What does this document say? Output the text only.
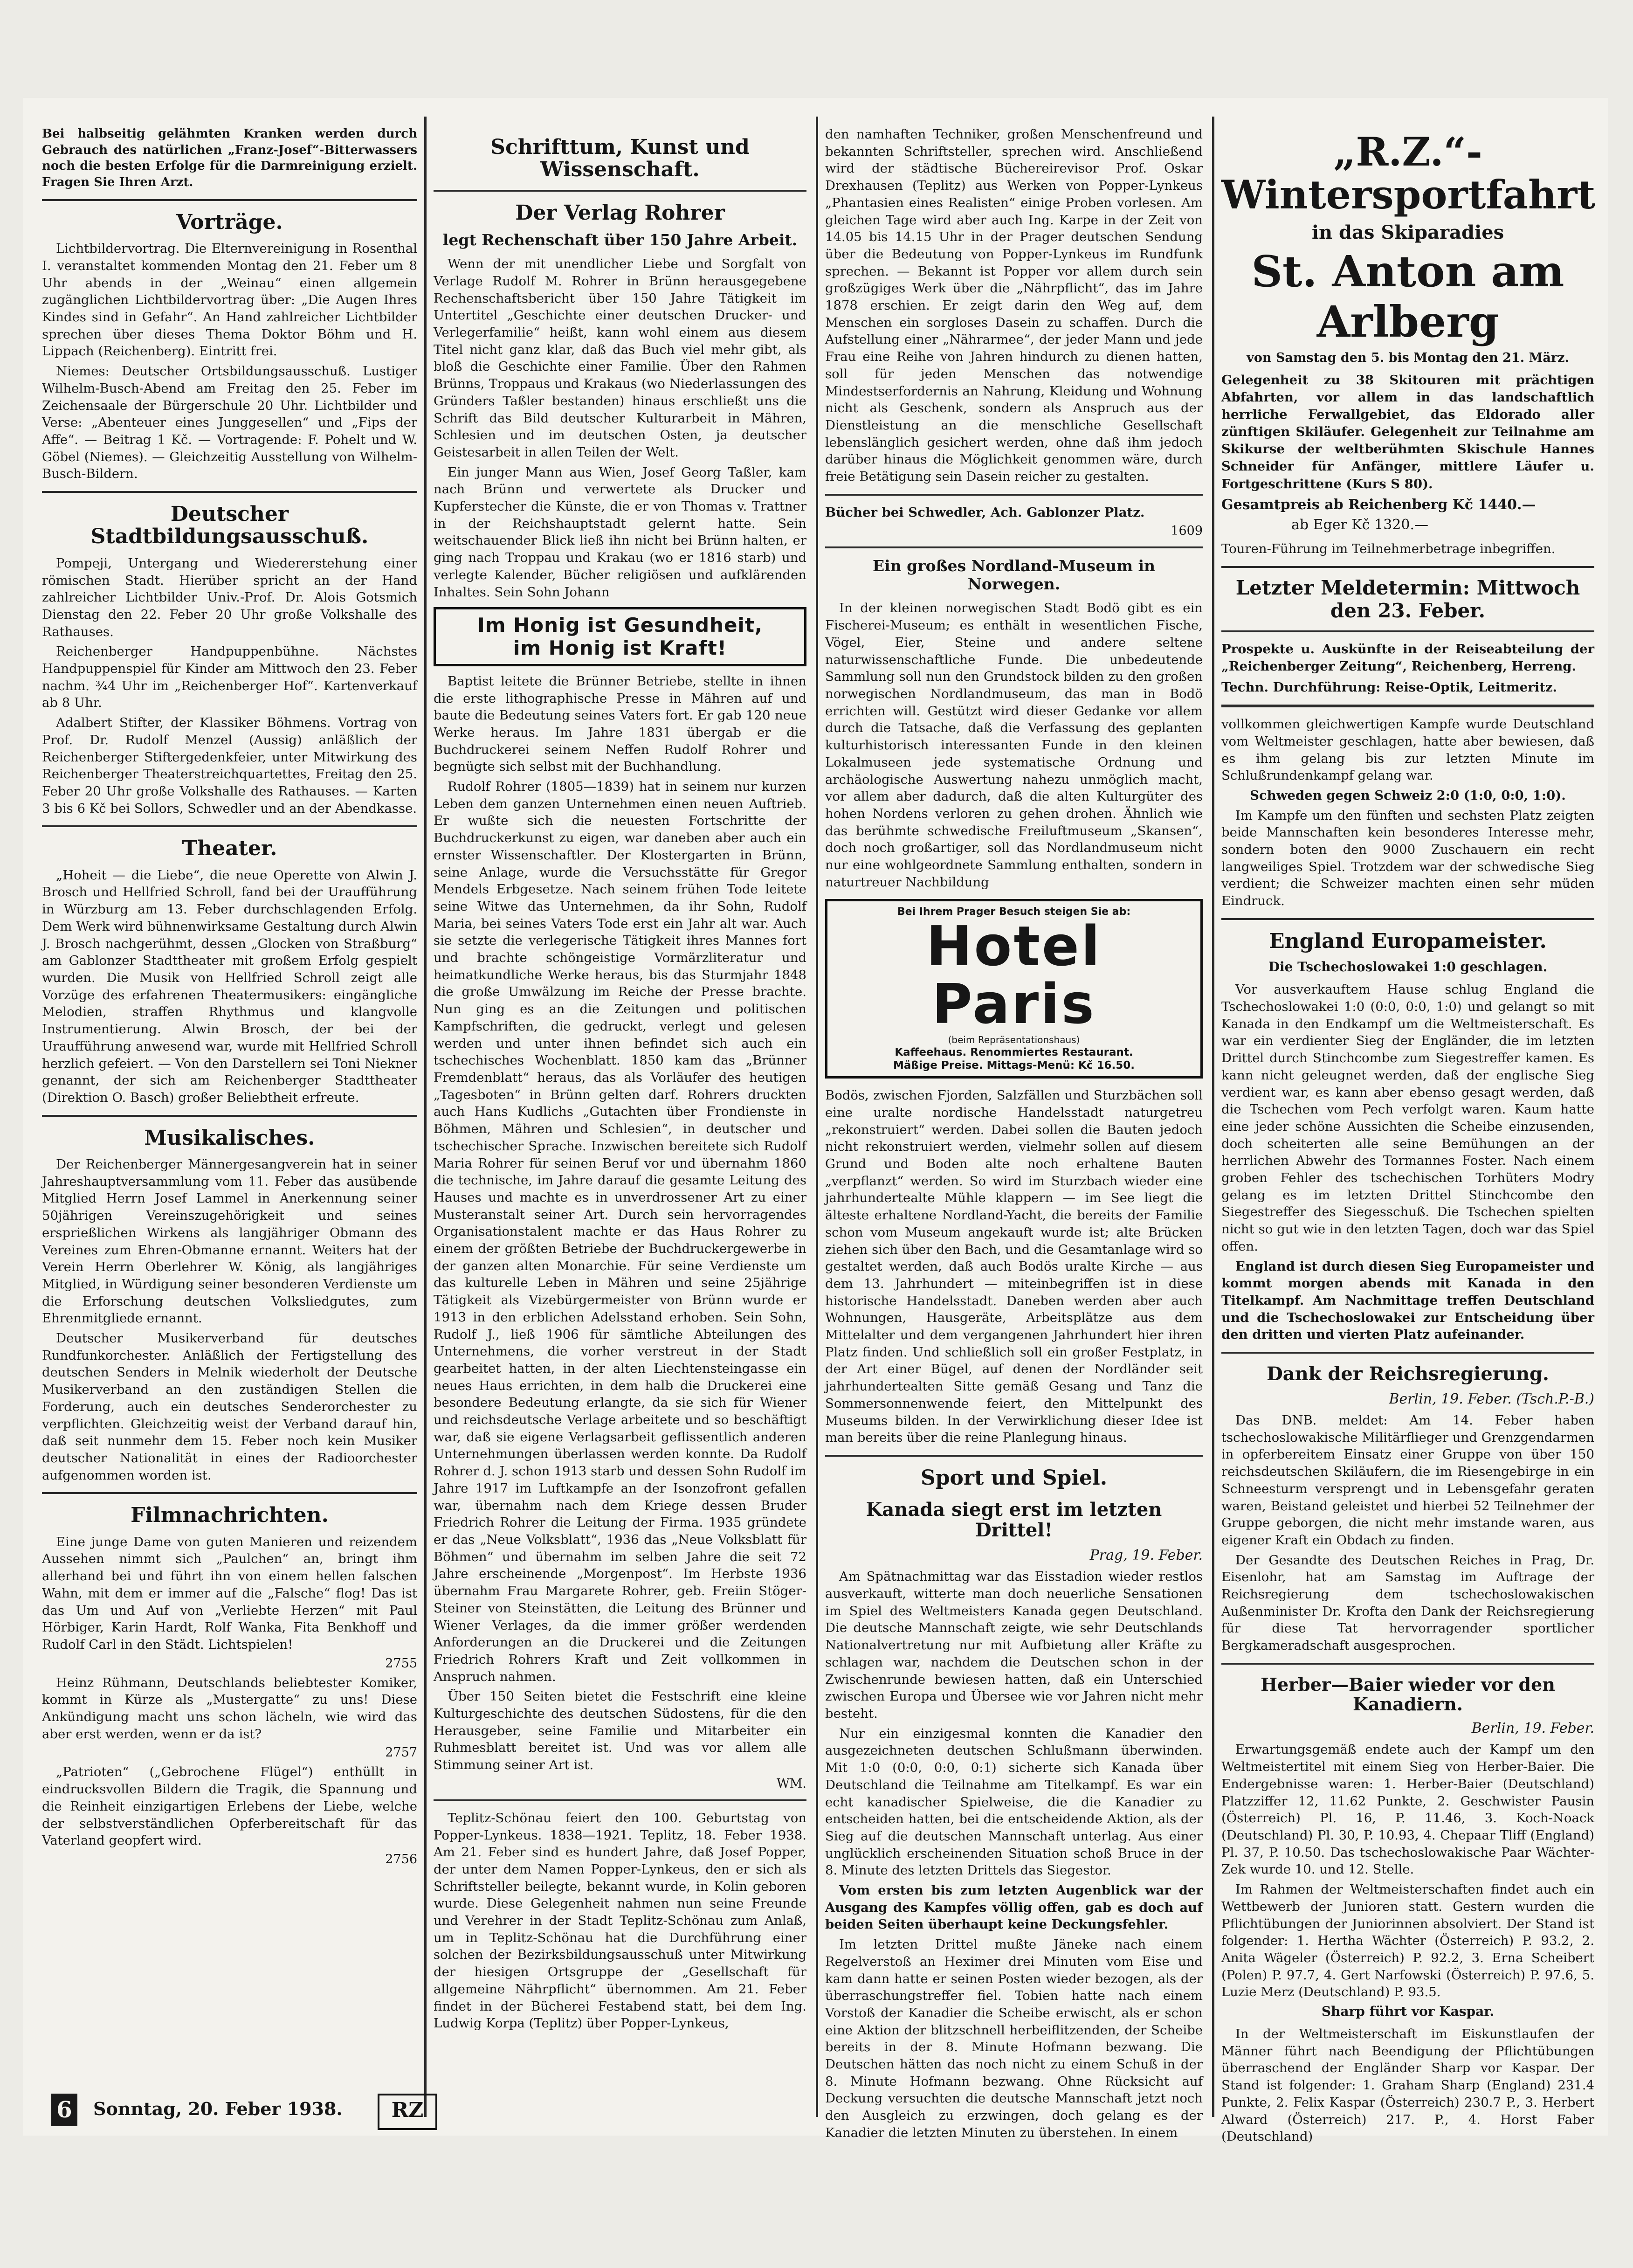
Bei halbseitig gelähmten Kranken werden durch Gebrauch des natürlichen „Franz-Josef“-Bitterwassers noch die besten Erfolge für die Darmreinigung erzielt. Fragen Sie Ihren Arzt.
Vorträge.
Lichtbildervortrag. Die Elternvereinigung in Rosenthal I. veranstaltet kommenden Montag den 21. Feber um 8 Uhr abends in der „Weinau“ einen allgemein zugänglichen Lichtbildervortrag über: „Die Augen Ihres Kindes sind in Gefahr“. An Hand zahlreicher Lichtbilder sprechen über dieses Thema Doktor Böhm und H. Lippach (Reichenberg). Eintritt frei.
Niemes: Deutscher Ortsbildungsausschuß. Lustiger Wilhelm-Busch-Abend am Freitag den 25. Feber im Zeichensaale der Bürgerschule 20 Uhr. Lichtbilder und Verse: „Abenteuer eines Junggesellen“ und „Fips der Affe“. — Beitrag 1 Kč. — Vortragende: F. Pohelt und W. Göbel (Niemes). — Gleichzeitig Ausstellung von Wilhelm-Busch-Bildern.
Deutscher Stadtbildungsausschuß.
Pompeji, Untergang und Wiedererstehung einer römischen Stadt. Hierüber spricht an der Hand zahlreicher Lichtbilder Univ.-Prof. Dr. Alois Gotsmich Dienstag den 22. Feber 20 Uhr große Volkshalle des Rathauses.
Reichenberger Handpuppenbühne. Nächstes Handpuppenspiel für Kinder am Mittwoch den 23. Feber nachm. ¾4 Uhr im „Reichenberger Hof“. Kartenverkauf ab 8 Uhr.
Adalbert Stifter, der Klassiker Böhmens. Vortrag von Prof. Dr. Rudolf Menzel (Aussig) anläßlich der Reichenberger Stiftergedenkfeier, unter Mitwirkung des Reichenberger Theaterstreichquartettes, Freitag den 25. Feber 20 Uhr große Volkshalle des Rathauses. — Karten 3 bis 6 Kč bei Sollors, Schwedler und an der Abendkasse.
Theater.
„Hoheit — die Liebe“, die neue Operette von Alwin J. Brosch und Hellfried Schroll, fand bei der Uraufführung in Würzburg am 13. Feber durchschlagenden Erfolg. Dem Werk wird bühnenwirksame Gestaltung durch Alwin J. Brosch nachgerühmt, dessen „Glocken von Straßburg“ am Gablonzer Stadttheater mit großem Erfolg gespielt wurden. Die Musik von Hellfried Schroll zeigt alle Vorzüge des erfahrenen Theatermusikers: eingängliche Melodien, straffen Rhythmus und klangvolle Instrumentierung. Alwin Brosch, der bei der Uraufführung anwesend war, wurde mit Hellfried Schroll herzlich gefeiert. — Von den Darstellern sei Toni Niekner genannt, der sich am Reichenberger Stadttheater (Direktion O. Basch) großer Beliebtheit erfreute.
Musikalisches.
Der Reichenberger Männergesangverein hat in seiner Jahreshauptversammlung vom 11. Feber das ausübende Mitglied Herrn Josef Lammel in Anerkennung seiner 50jährigen Vereinszugehörigkeit und seines ersprießlichen Wirkens als langjähriger Obmann des Vereines zum Ehren-Obmanne ernannt. Weiters hat der Verein Herrn Oberlehrer W. König, als langjähriges Mitglied, in Würdigung seiner besonderen Verdienste um die Erforschung deutschen Volksliedgutes, zum Ehrenmitgliede ernannt.
Deutscher Musikerverband für deutsches Rundfunkorchester. Anläßlich der Fertigstellung des deutschen Senders in Melnik wiederholt der Deutsche Musikerverband an den zuständigen Stellen die Forderung, auch ein deutsches Senderorchester zu verpflichten. Gleichzeitig weist der Verband darauf hin, daß seit nunmehr dem 15. Feber noch kein Musiker deutscher Nationalität in eines der Radioorchester aufgenommen worden ist.
Filmnachrichten.
Eine junge Dame von guten Manieren und reizendem Aussehen nimmt sich „Paulchen“ an, bringt ihm allerhand bei und führt ihn von einem hellen falschen Wahn, mit dem er immer auf die „Falsche“ flog! Das ist das Um und Auf von „Verliebte Herzen“ mit Paul Hörbiger, Karin Hardt, Rolf Wanka, Fita Benkhoff und Rudolf Carl in den Städt. Lichtspielen!
2755
Heinz Rühmann, Deutschlands beliebtester Komiker, kommt in Kürze als „Mustergatte“ zu uns! Diese Ankündigung macht uns schon lächeln, wie wird das aber erst werden, wenn er da ist?
2757
„Patrioten“ („Gebrochene Flügel“) enthüllt in eindrucksvollen Bildern die Tragik, die Spannung und die Reinheit einzigartigen Erlebens der Liebe, welche der selbstverständlichen Opferbereitschaft für das Vaterland geopfert wird.
2756
Schrifttum, Kunst und Wissenschaft.
Der Verlag Rohrer
legt Rechenschaft über 150 Jahre Arbeit.
Wenn der mit unendlicher Liebe und Sorgfalt von Verlage Rudolf M. Rohrer in Brünn herausgegebene Rechenschaftsbericht über 150 Jahre Tätigkeit im Untertitel „Geschichte einer deutschen Drucker- und Verlegerfamilie“ heißt, kann wohl einem aus diesem Titel nicht ganz klar, daß das Buch viel mehr gibt, als bloß die Geschichte einer Familie. Über den Rahmen Brünns, Troppaus und Krakaus (wo Niederlassungen des Gründers Taßler bestanden) hinaus erschließt uns die Schrift das Bild deutscher Kulturarbeit in Mähren, Schlesien und im deutschen Osten, ja deutscher Geistesarbeit in allen Teilen der Welt.
Ein junger Mann aus Wien, Josef Georg Taßler, kam nach Brünn und verwertete als Drucker und Kupferstecher die Künste, die er von Thomas v. Trattner in der Reichshauptstadt gelernt hatte. Sein weitschauender Blick ließ ihn nicht bei Brünn halten, er ging nach Troppau und Krakau (wo er 1816 starb) und verlegte Kalender, Bücher religiösen und aufklärenden Inhaltes. Sein Sohn Johann
Im Honig ist Gesundheit,
im Honig ist Kraft!
Baptist leitete die Brünner Betriebe, stellte in ihnen die erste lithographische Presse in Mähren auf und baute die Bedeutung seines Vaters fort. Er gab 120 neue Werke heraus. Im Jahre 1831 übergab er die Buchdruckerei seinem Neffen Rudolf Rohrer und begnügte sich selbst mit der Buchhandlung.
Rudolf Rohrer (1805—1839) hat in seinem nur kurzen Leben dem ganzen Unternehmen einen neuen Auftrieb. Er wußte sich die neuesten Fortschritte der Buchdruckerkunst zu eigen, war daneben aber auch ein ernster Wissenschaftler. Der Klostergarten in Brünn, seine Anlage, wurde die Versuchsstätte für Gregor Mendels Erbgesetze. Nach seinem frühen Tode leitete seine Witwe das Unternehmen, da ihr Sohn, Rudolf Maria, bei seines Vaters Tode erst ein Jahr alt war. Auch sie setzte die verlegerische Tätigkeit ihres Mannes fort und brachte schöngeistige Vormärzliteratur und heimatkundliche Werke heraus, bis das Sturmjahr 1848 die große Umwälzung im Reiche der Presse brachte. Nun ging es an die Zeitungen und politischen Kampfschriften, die gedruckt, verlegt und gelesen werden und unter ihnen befindet sich auch ein tschechisches Wochenblatt. 1850 kam das „Brünner Fremdenblatt“ heraus, das als Vorläufer des heutigen „Tagesboten“ in Brünn gelten darf. Rohrers druckten auch Hans Kudlichs „Gutachten über Frondienste in Böhmen, Mähren und Schlesien“, in deutscher und tschechischer Sprache. Inzwischen bereitete sich Rudolf Maria Rohrer für seinen Beruf vor und übernahm 1860 die technische, im Jahre darauf die gesamte Leitung des Hauses und machte es in unverdrossener Art zu einer Musteranstalt seiner Art. Durch sein hervorragendes Organisationstalent machte er das Haus Rohrer zu einem der größten Betriebe der Buchdruckergewerbe in der ganzen alten Monarchie. Für seine Verdienste um das kulturelle Leben in Mähren und seine 25jährige Tätigkeit als Vizebürgermeister von Brünn wurde er 1913 in den erblichen Adelsstand erhoben. Sein Sohn, Rudolf J., ließ 1906 für sämtliche Abteilungen des Unternehmens, die vorher verstreut in der Stadt gearbeitet hatten, in der alten Liechtensteingasse ein neues Haus errichten, in dem halb die Druckerei eine besondere Bedeutung erlangte, da sie sich für Wiener und reichsdeutsche Verlage arbeitete und so beschäftigt war, daß sie eigene Verlagsarbeit geflissentlich anderen Unternehmungen überlassen werden konnte. Da Rudolf Rohrer d. J. schon 1913 starb und dessen Sohn Rudolf im Jahre 1917 im Luftkampfe an der Isonzofront gefallen war, übernahm nach dem Kriege dessen Bruder Friedrich Rohrer die Leitung der Firma. 1935 gründete er das „Neue Volksblatt“, 1936 das „Neue Volksblatt für Böhmen“ und übernahm im selben Jahre die seit 72 Jahre erscheinende „Morgenpost“. Im Herbste 1936 übernahm Frau Margarete Rohrer, geb. Freiin Stöger-Steiner von Steinstätten, die Leitung des Brünner und Wiener Verlages, da die immer größer werdenden Anforderungen an die Druckerei und die Zeitungen Friedrich Rohrers Kraft und Zeit vollkommen in Anspruch nahmen.
Über 150 Seiten bietet die Festschrift eine kleine Kulturgeschichte des deutschen Südostens, für die den Herausgeber, seine Familie und Mitarbeiter ein Ruhmesblatt bereitet ist. Und was vor allem alle Stimmung seiner Art ist.
WM.
Teplitz-Schönau feiert den 100. Geburtstag von Popper-Lynkeus. 1838—1921. Teplitz, 18. Feber 1938. Am 21. Feber sind es hundert Jahre, daß Josef Popper, der unter dem Namen Popper-Lynkeus, den er sich als Schriftsteller beilegte, bekannt wurde, in Kolin geboren wurde. Diese Gelegenheit nahmen nun seine Freunde und Verehrer in der Stadt Teplitz-Schönau zum Anlaß, um in Teplitz-Schönau hat die Durchführung einer solchen der Bezirksbildungsausschuß unter Mitwirkung der hiesigen Ortsgruppe der „Gesellschaft für allgemeine Nährpflicht“ übernommen. Am 21. Feber findet in der Bücherei Festabend statt, bei dem Ing. Ludwig Korpa (Teplitz) über Popper-Lynkeus,
den namhaften Techniker, großen Menschenfreund und bekannten Schriftsteller, sprechen wird. Anschließend wird der städtische Büchereirevisor Prof. Oskar Drexhausen (Teplitz) aus Werken von Popper-Lynkeus „Phantasien eines Realisten“ einige Proben vorlesen. Am gleichen Tage wird aber auch Ing. Karpe in der Zeit von 14.05 bis 14.15 Uhr in der Prager deutschen Sendung über die Bedeutung von Popper-Lynkeus im Rundfunk sprechen. — Bekannt ist Popper vor allem durch sein großzügiges Werk über die „Nährpflicht“, das im Jahre 1878 erschien. Er zeigt darin den Weg auf, dem Menschen ein sorgloses Dasein zu schaffen. Durch die Aufstellung einer „Nährarmee“, der jeder Mann und jede Frau eine Reihe von Jahren hindurch zu dienen hatten, soll für jeden Menschen das notwendige Mindestserfordernis an Nahrung, Kleidung und Wohnung nicht als Geschenk, sondern als Anspruch aus der Dienstleistung an die menschliche Gesellschaft lebenslänglich gesichert werden, ohne daß ihm jedoch darüber hinaus die Möglichkeit genommen wäre, durch freie Betätigung sein Dasein reicher zu gestalten.
Bücher bei Schwedler, Ach. Gablonzer Platz.
1609
Ein großes Nordland-Museum in Norwegen.
In der kleinen norwegischen Stadt Bodö gibt es ein Fischerei-Museum; es enthält in wesentlichen Fische, Vögel, Eier, Steine und andere seltene naturwissenschaftliche Funde. Die unbedeutende Sammlung soll nun den Grundstock bilden zu den großen norwegischen Nordlandmuseum, das man in Bodö errichten will. Gestützt wird dieser Gedanke vor allem durch die Tatsache, daß die Verfassung des geplanten kulturhistorisch interessanten Funde in den kleinen Lokalmuseen jede systematische Ordnung und archäologische Auswertung nahezu unmöglich macht, vor allem aber dadurch, daß die alten Kulturgüter des hohen Nordens verloren zu gehen drohen. Ähnlich wie das berühmte schwedische Freiluftmuseum „Skansen“, doch noch großartiger, soll das Nordlandmuseum nicht nur eine wohlgeordnete Sammlung enthalten, sondern in naturtreuer Nachbildung
Bei Ihrem Prager Besuch steigen Sie ab:
Hotel Paris
(beim Repräsentationshaus)
Kaffeehaus. Renommiertes Restaurant.
Mäßige Preise. Mittags-Menü: Kč 16.50.
Bodös, zwischen Fjorden, Salzfällen und Sturzbächen soll eine uralte nordische Handelsstadt naturgetreu „rekonstruiert“ werden. Dabei sollen die Bauten jedoch nicht rekonstruiert werden, vielmehr sollen auf diesem Grund und Boden alte noch erhaltene Bauten „verpflanzt“ werden. So wird im Sturzbach wieder eine jahrhundertealte Mühle klappern — im See liegt die älteste erhaltene Nordland-Yacht, die bereits der Familie schon vom Museum angekauft wurde ist; alte Brücken ziehen sich über den Bach, und die Gesamtanlage wird so gestaltet werden, daß auch Bodös uralte Kirche — aus dem 13. Jahrhundert — miteinbegriffen ist in diese historische Handelsstadt. Daneben werden aber auch Wohnungen, Hausgeräte, Arbeitsplätze aus dem Mittelalter und dem vergangenen Jahrhundert hier ihren Platz finden. Und schließlich soll ein großer Festplatz, in der Art einer Bügel, auf denen der Nordländer seit jahrhundertealten Sitte gemäß Gesang und Tanz die Sommersonnenwende feiert, den Mittelpunkt des Museums bilden. In der Verwirklichung dieser Idee ist man bereits über die reine Planlegung hinaus.
Sport und Spiel.
Kanada siegt erst im letzten Drittel!
Prag, 19. Feber.
Am Spätnachmittag war das Eisstadion wieder restlos ausverkauft, witterte man doch neuerliche Sensationen im Spiel des Weltmeisters Kanada gegen Deutschland. Die deutsche Mannschaft zeigte, wie sehr Deutschlands Nationalvertretung nur mit Aufbietung aller Kräfte zu schlagen war, nachdem die Deutschen schon in der Zwischenrunde bewiesen hatten, daß ein Unterschied zwischen Europa und Übersee wie vor Jahren nicht mehr besteht.
Nur ein einzigesmal konnten die Kanadier den ausgezeichneten deutschen Schlußmann überwinden. Mit 1:0 (0:0, 0:0, 0:1) sicherte sich Kanada über Deutschland die Teilnahme am Titelkampf. Es war ein echt kanadischer Spielweise, die die Kanadier zu entscheiden hatten, bei die entscheidende Aktion, als der Sieg auf die deutschen Mannschaft unterlag. Aus einer unglücklich erscheinenden Situation schoß Bruce in der 8. Minute des letzten Drittels das Siegestor.
Vom ersten bis zum letzten Augenblick war der Ausgang des Kampfes völlig offen, gab es doch auf beiden Seiten überhaupt keine Deckungsfehler.
Im letzten Drittel mußte Jäneke nach einem Regelverstoß an Heximer drei Minuten vom Eise und kam dann hatte er seinen Posten wieder bezogen, als der überraschungstreffer fiel. Tobien hatte nach einem Vorstoß der Kanadier die Scheibe erwischt, als er schon eine Aktion der blitzschnell herbeiflitzenden, der Scheibe bereits in der 8. Minute Hofmann bezwang. Die Deutschen hätten das noch nicht zu einem Schuß in der 8. Minute Hofmann bezwang. Ohne Rücksicht auf Deckung versuchten die deutsche Mannschaft jetzt noch den Ausgleich zu erzwingen, doch gelang es der Kanadier die letzten Minuten zu überstehen. In einem
„R.Z.“-Wintersportfahrt
in das Skiparadies
St. Anton am Arlberg
von Samstag den 5. bis Montag den 21. März.
Gelegenheit zu 38 Skitouren mit prächtigen Abfahrten, vor allem in das landschaftlich herrliche Ferwallgebiet, das Eldorado aller zünftigen Skiläufer. Gelegenheit zur Teilnahme am Skikurse der weltberühmten Skischule Hannes Schneider für Anfänger, mittlere Läufer u. Fortgeschrittene (Kurs S 80).
Gesamtpreis ab Reichenberg Kč 1440.—
ab Eger Kč 1320.—
Touren-Führung im Teilnehmerbetrage inbegriffen.
Letzter Meldetermin: Mittwoch den 23. Feber.
Prospekte u. Auskünfte in der Reiseabteilung der „Reichenberger Zeitung“, Reichenberg, Herreng.
Techn. Durchführung: Reise-Optik, Leitmeritz.
vollkommen gleichwertigen Kampfe wurde Deutschland vom Weltmeister geschlagen, hatte aber bewiesen, daß es ihm gelang bis zur letzten Minute im Schlußrundenkampf gelang war.
Schweden gegen Schweiz 2:0 (1:0, 0:0, 1:0).
Im Kampfe um den fünften und sechsten Platz zeigten beide Mannschaften kein besonderes Interesse mehr, sondern boten den 9000 Zuschauern ein recht langweiliges Spiel. Trotzdem war der schwedische Sieg verdient; die Schweizer machten einen sehr müden Eindruck.
England Europameister.
Die Tschechoslowakei 1:0 geschlagen.
Vor ausverkauftem Hause schlug England die Tschechoslowakei 1:0 (0:0, 0:0, 1:0) und gelangt so mit Kanada in den Endkampf um die Weltmeisterschaft. Es war ein verdienter Sieg der Engländer, die im letzten Drittel durch Stinchcombe zum Siegestreffer kamen. Es kann nicht geleugnet werden, daß der englische Sieg verdient war, es kann aber ebenso gesagt werden, daß die Tschechen vom Pech verfolgt waren. Kaum hatte eine jeder schöne Aussichten die Scheibe einzusenden, doch scheiterten alle seine Bemühungen an der herrlichen Abwehr des Tormannes Foster. Nach einem groben Fehler des tschechischen Torhüters Modry gelang es im letzten Drittel Stinchcombe den Siegestreffer des Siegesschuß. Die Tschechen spielten nicht so gut wie in den letzten Tagen, doch war das Spiel offen.
England ist durch diesen Sieg Europameister und kommt morgen abends mit Kanada in den Titelkampf. Am Nachmittage treffen Deutschland und die Tschechoslowakei zur Entscheidung über den dritten und vierten Platz aufeinander.
Dank der Reichsregierung.
Berlin, 19. Feber. (Tsch.P.-B.)
Das DNB. meldet: Am 14. Feber haben tschechoslowakische Militärflieger und Grenzgendarmen in opferbereitem Einsatz einer Gruppe von über 150 reichsdeutschen Skiläufern, die im Riesengebirge in ein Schneesturm versprengt und in Lebensgefahr geraten waren, Beistand geleistet und hierbei 52 Teilnehmer der Gruppe geborgen, die nicht mehr imstande waren, aus eigener Kraft ein Obdach zu finden.
Der Gesandte des Deutschen Reiches in Prag, Dr. Eisenlohr, hat am Samstag im Auftrage der Reichsregierung dem tschechoslowakischen Außenminister Dr. Krofta den Dank der Reichsregierung für diese Tat hervorragender sportlicher Bergkameradschaft ausgesprochen.
Herber—Baier wieder vor den Kanadiern.
Berlin, 19. Feber.
Erwartungsgemäß endete auch der Kampf um den Weltmeistertitel mit einem Sieg von Herber-Baier. Die Endergebnisse waren: 1. Herber-Baier (Deutschland) Platzziffer 12, 11.62 Punkte, 2. Geschwister Pausin (Österreich) Pl. 16, P. 11.46, 3. Koch-Noack (Deutschland) Pl. 30, P. 10.93, 4. Chepaar Tliff (England) Pl. 37, P. 10.50. Das tschechoslowakische Paar Wächter-Zek wurde 10. und 12. Stelle.
Im Rahmen der Weltmeisterschaften findet auch ein Wettbewerb der Junioren statt. Gestern wurden die Pflichtübungen der Juniorinnen absolviert. Der Stand ist folgender: 1. Hertha Wächter (Österreich) P. 93.2, 2. Anita Wägeler (Österreich) P. 92.2, 3. Erna Scheibert (Polen) P. 97.7, 4. Gert Narfowski (Österreich) P. 97.6, 5. Luzie Merz (Deutschland) P. 93.5.
Sharp führt vor Kaspar.
In der Weltmeisterschaft im Eiskunstlaufen der Männer führt nach Beendigung der Pflichtübungen überraschend der Engländer Sharp vor Kaspar. Der Stand ist folgender: 1. Graham Sharp (England) 231.4 Punkte, 2. Felix Kaspar (Österreich) 230.7 P., 3. Herbert Alward (Österreich) 217. P., 4. Horst Faber (Deutschland)
6 Sonntag, 20. Feber 1938.	RZ
